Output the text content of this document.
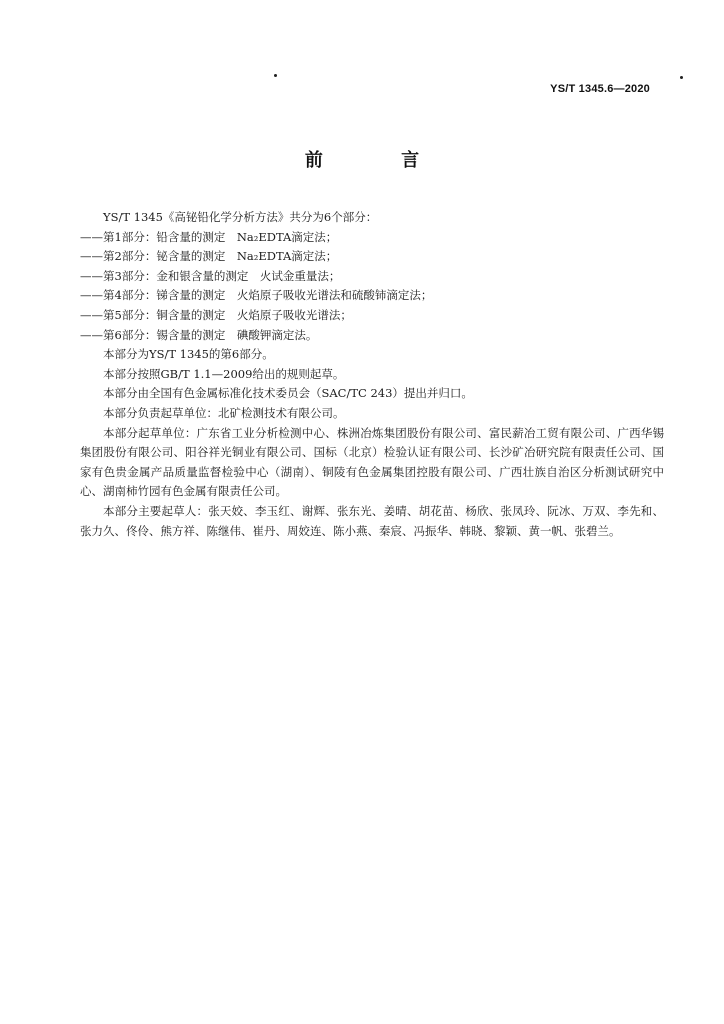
YS/T 1345.6—2020
前 言

YS/T 1345《高铋铅化学分析方法》共分为6个部分：

——第1部分：铅含量的测定　Na₂EDTA滴定法；

——第2部分：铋含量的测定　Na₂EDTA滴定法；

——第3部分：金和银含量的测定　火试金重量法；

——第4部分：锑含量的测定　火焰原子吸收光谱法和硫酸铈滴定法；

——第5部分：铜含量的测定　火焰原子吸收光谱法；

——第6部分：锡含量的测定　碘酸钾滴定法。

本部分为YS/T 1345的第6部分。

本部分按照GB/T 1.1—2009给出的规则起草。

本部分由全国有色金属标准化技术委员会（SAC/TC 243）提出并归口。

本部分负责起草单位：北矿检测技术有限公司。

本部分起草单位：广东省工业分析检测中心、株洲冶炼集团股份有限公司、富民薪冶工贸有限公司、广西华锡集团股份有限公司、阳谷祥光铜业有限公司、国标（北京）检验认证有限公司、长沙矿冶研究院有限责任公司、国家有色贵金属产品质量监督检验中心（湖南）、铜陵有色金属集团控股有限公司、广西壮族自治区分析测试研究中心、湖南柿竹园有色金属有限责任公司。

本部分主要起草人：张天姣、李玉红、谢辉、张东光、姜晴、胡花苗、杨欣、张凤玲、阮冰、万双、李先和、张力久、佟伶、熊方祥、陈继伟、崔丹、周姣连、陈小燕、秦宸、冯振华、韩晓、黎颖、黄一帆、张碧兰。
